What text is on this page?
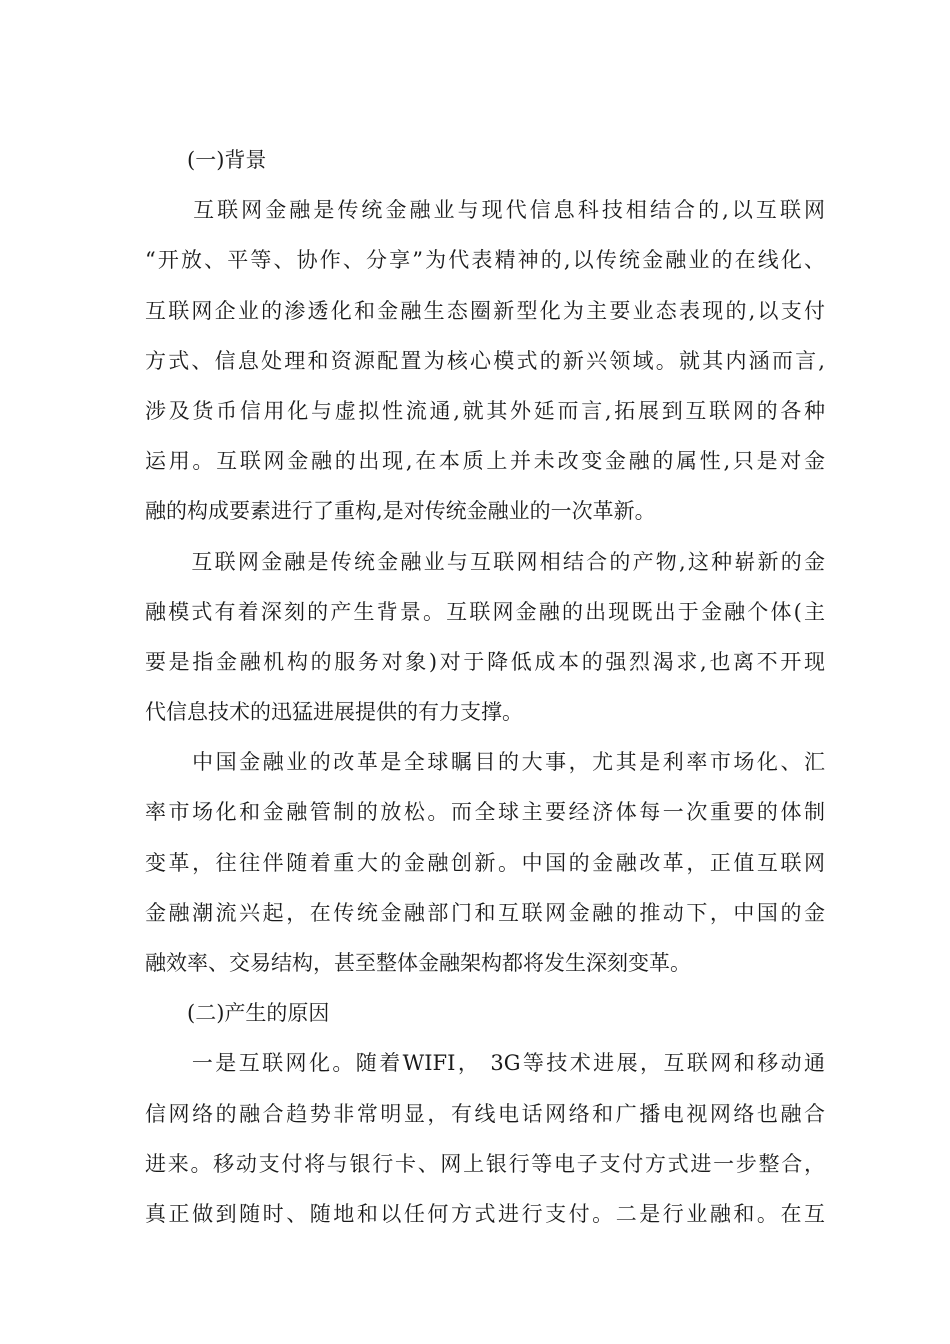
　　(一)背景
　　互联网金融是传统金融业与现代信息科技相结合的,以互联网
“开放、平等、协作、分享”为代表精神的,以传统金融业的在线化、
互联网企业的渗透化和金融生态圈新型化为主要业态表现的,以支付
方式、信息处理和资源配置为核心模式的新兴领域。就其内涵而言,
涉及货币信用化与虚拟性流通,就其外延而言,拓展到互联网的各种
运用。互联网金融的出现,在本质上并未改变金融的属性,只是对金
融的构成要素进行了重构,是对传统金融业的一次革新。
　　互联网金融是传统金融业与互联网相结合的产物,这种崭新的金
融模式有着深刻的产生背景。互联网金融的出现既出于金融个体(主
要是指金融机构的服务对象)对于降低成本的强烈渴求,也离不开现
代信息技术的迅猛进展提供的有力支撑。
　　中国金融业的改革是全球瞩目的大事，尤其是利率市场化、汇
率市场化和金融管制的放松。而全球主要经济体每一次重要的体制
变革，往往伴随着重大的金融创新。中国的金融改革，正值互联网
金融潮流兴起，在传统金融部门和互联网金融的推动下，中国的金
融效率、交易结构，甚至整体金融架构都将发生深刻变革。
　　(二)产生的原因
　　一是互联网化。随着WIFI， 3G等技术进展，互联网和移动通
信网络的融合趋势非常明显，有线电话网络和广播电视网络也融合
进来。移动支付将与银行卡、网上银行等电子支付方式进一步整合，
真正做到随时、随地和以任何方式进行支付。二是行业融和。在互
